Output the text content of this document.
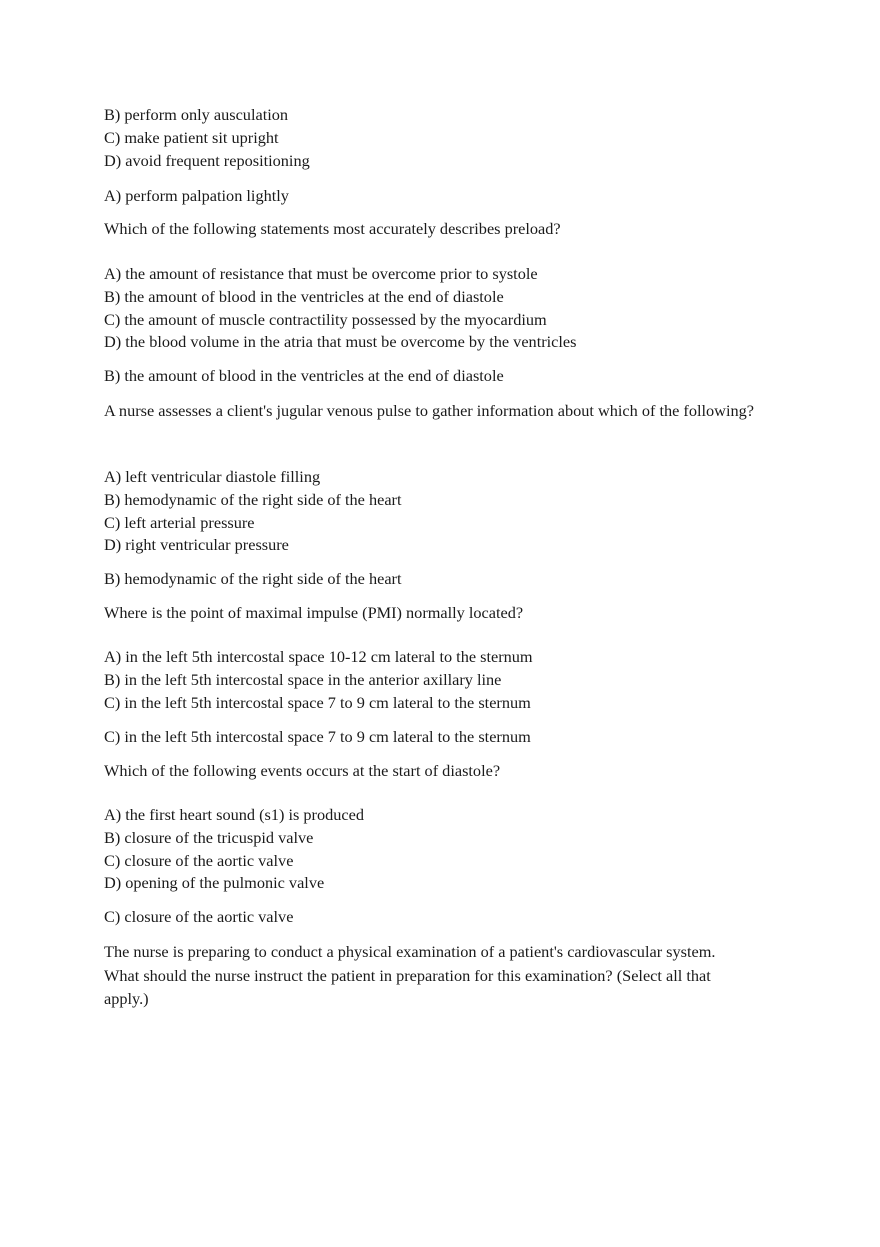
B) perform only ausculation
C) make patient sit upright
D) avoid frequent repositioning
A) perform palpation lightly
Which of the following statements most accurately describes preload?
A) the amount of resistance that must be overcome prior to systole
B) the amount of blood in the ventricles at the end of diastole
C) the amount of muscle contractility possessed by the myocardium
D) the blood volume in the atria that must be overcome by the ventricles
B) the amount of blood in the ventricles at the end of diastole
A nurse assesses a client's jugular venous pulse to gather information about which of the following?
A) left ventricular diastole filling
B) hemodynamic of the right side of the heart
C) left arterial pressure
D) right ventricular pressure
B) hemodynamic of the right side of the heart
Where is the point of maximal impulse (PMI) normally located?
A) in the left 5th intercostal space 10-12 cm lateral to the sternum
B) in the left 5th intercostal space in the anterior axillary line
C) in the left 5th intercostal space 7 to 9 cm lateral to the sternum
C) in the left 5th intercostal space 7 to 9 cm lateral to the sternum
Which of the following events occurs at the start of diastole?
A) the first heart sound (s1) is produced
B) closure of the tricuspid valve
C) closure of the aortic valve
D) opening of the pulmonic valve
C) closure of the aortic valve
The nurse is preparing to conduct a physical examination of a patient's cardiovascular system. What should the nurse instruct the patient in preparation for this examination? (Select all that apply.)
